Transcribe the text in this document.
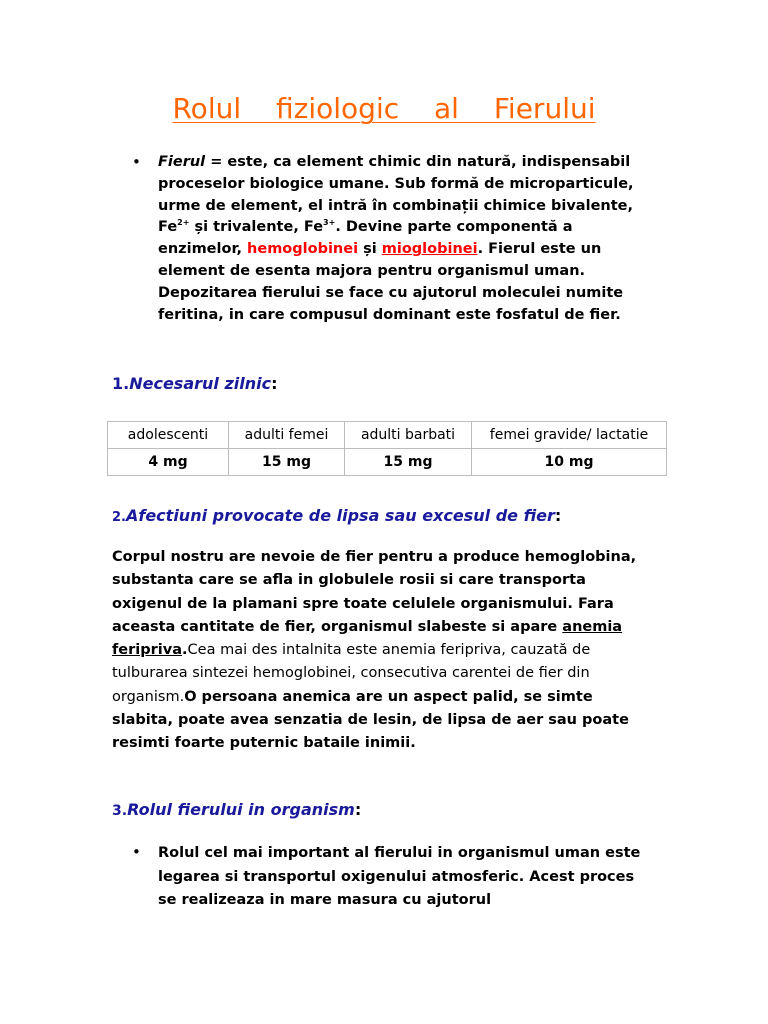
Rolul fiziologic al Fierului
• Fierul = este, ca element chimic din natură, indispensabil proceselor biologice umane. Sub formă de microparticule, urme de element, el intră în combinații chimice bivalente, $Fe^{2+}$ și trivalente, $Fe^{3+}$. Devine parte componentă a enzimelor, hemoglobinei și mioglobinei. Fierul este un element de esenta majora pentru organismul uman. Depozitarea fierului se face cu ajutorul moleculei numite feritina, in care compusul dominant este fosfatul de fier.
1.Necesarul zilnic:
adolescenti	adulti femei	adulti barbati	femei gravide/ lactatie
4 mg	15 mg	15 mg	10 mg
2.Afectiuni provocate de lipsa sau excesul de fier:
Corpul nostru are nevoie de fier pentru a produce hemoglobina, substanta care se afla in globulele rosii si care transporta oxigenul de la plamani spre toate celulele organismului. Fara aceasta cantitate de fier, organismul slabeste si apare anemia feripriva.Cea mai des intalnita este anemia feripriva, cauzată de tulburarea sintezei hemoglobinei, consecutiva carentei de fier din organism.O persoana anemica are un aspect palid, se simte slabita, poate avea senzatia de lesin, de lipsa de aer sau poate resimti foarte puternic bataile inimii.
3.Rolul fierului in organism:
• Rolul cel mai important al fierului in organismul uman este legarea si transportul oxigenului atmosferic. Acest proces se realizeaza in mare masura cu ajutorul
